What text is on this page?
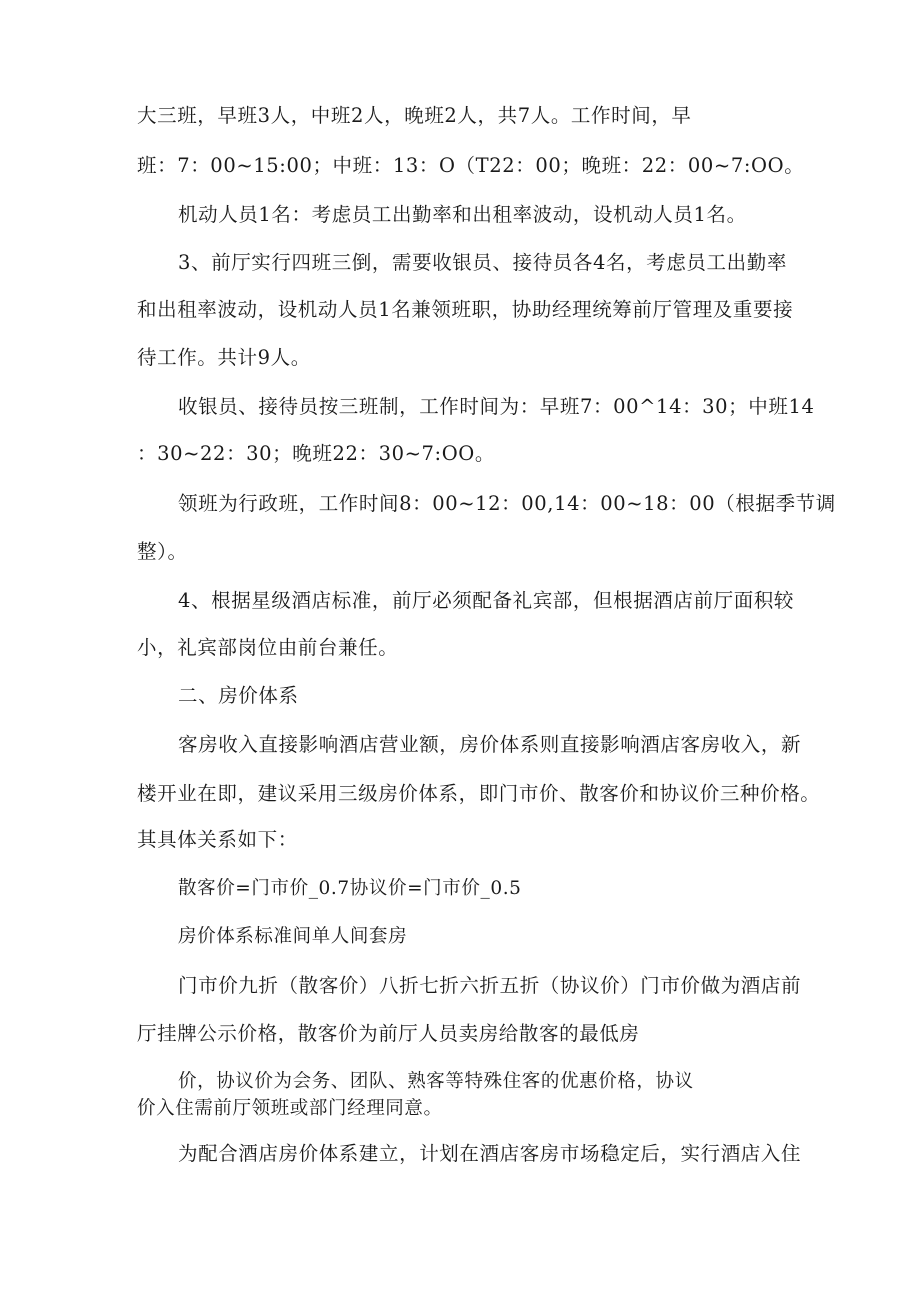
大三班，早班3人，中班2人，晚班2人，共7人。工作时间，早
班：7：00~15:00；中班：13：O（T22：00；晚班：22：00~7:OO。
机动人员1名：考虑员工出勤率和出租率波动，设机动人员1名。
3、前厅实行四班三倒，需要收银员、接待员各4名，考虑员工出勤率
和出租率波动，设机动人员1名兼领班职，协助经理统筹前厅管理及重要接
待工作。共计9人。
收银员、接待员按三班制，工作时间为：早班7：00^14：30；中班14
：30~22：30；晚班22：30~7:OO。
领班为行政班，工作时间8：00~12：00,14：00~18：00（根据季节调
整）。
4、根据星级酒店标准，前厅必须配备礼宾部，但根据酒店前厅面积较
小，礼宾部岗位由前台兼任。
二、房价体系
客房收入直接影响酒店营业额，房价体系则直接影响酒店客房收入，新
楼开业在即，建议采用三级房价体系，即门市价、散客价和协议价三种价格。
其具体关系如下：
散客价=门市价_0.7协议价=门市价_0.5
房价体系标准间单人间套房
门市价九折（散客价）八折七折六折五折（协议价）门市价做为酒店前
厅挂牌公示价格，散客价为前厅人员卖房给散客的最低房
价，协议价为会务、团队、熟客等特殊住客的优惠价格，协议
价入住需前厅领班或部门经理同意。
为配合酒店房价体系建立，计划在酒店客房市场稳定后，实行酒店入住
